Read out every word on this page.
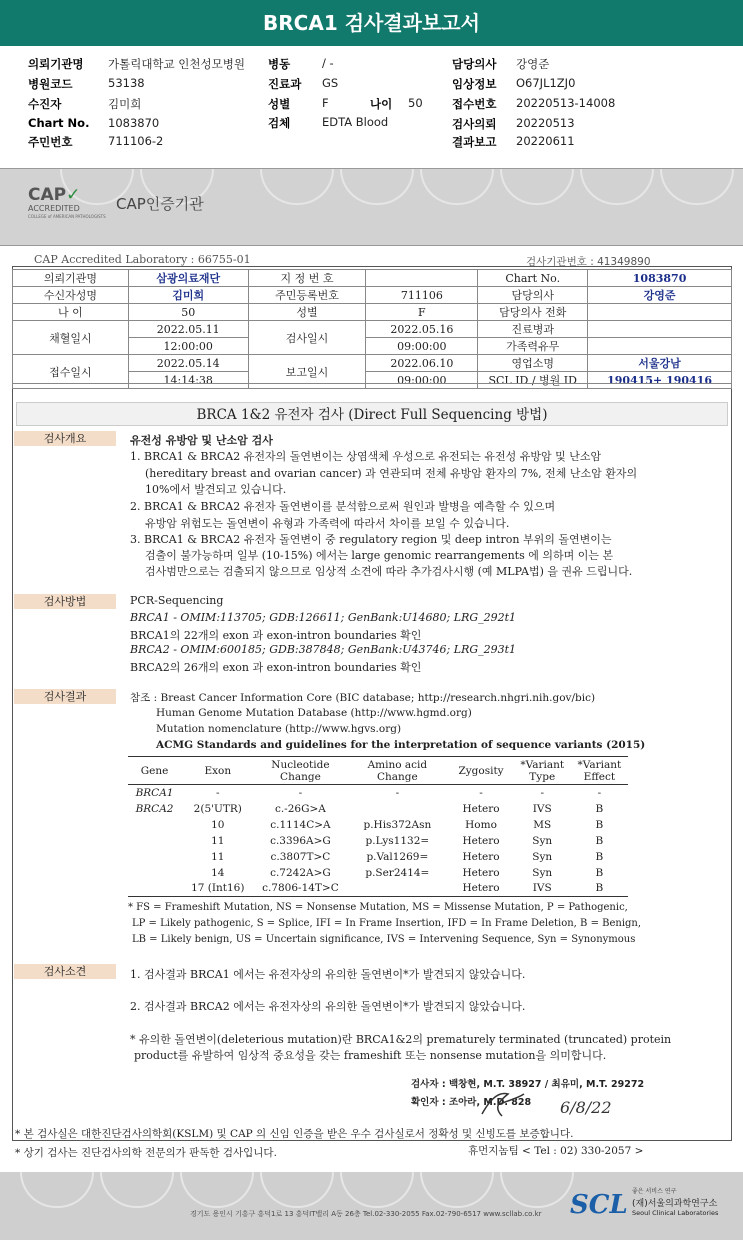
BRCA1 검사결과보고서
의뢰기관명 가톨릭대학교 인천성모병원
병원코드	53138
수진자	김미희
Chart No. 1083870
주민번호	711106-2
병동	/ -
진료과 GS
성별	F	나이 50
검체	EDTA Blood
담당의사 강영준
임상정보 O67JL1ZJ0
접수번호 20220513-14008
검사의뢰 20220513
결과보고 20220611
CAP✓
ACCREDITED
COLLEGE of AMERICAN PATHOLOGISTS
CAP인증기관
CAP Accredited Laboratory : 66755-01	검사기관번호 : 41349890
의뢰기관명	삼광의료재단	지 정 번 호		Chart No.	1083870
수신자성명	김미희	주민등록번호	711106	담당의사	강영준
나 이	50	성별	F	담당의사 전화	
채혈일시	2022.05.11	검사일시	2022.05.16	진료병과	
	12:00:00		09:00:00	가족력유무	
접수일시	2022.05.14	보고일시	2022.06.10	영업소명	서울강남
	14:14:38		09:00:00	SCL ID / 병원 ID	190415+ 190416
BRCA 1&2 유전자 검사 (Direct Full Sequencing 방법)
검사개요	유전성 유방암 및 난소암 검사
1. BRCA1 & BRCA2 유전자의 돌연변이는 상염색체 우성으로 유전되는 유전성 유방암 및 난소암
(hereditary breast and ovarian cancer) 과 연관되며 전체 유방암 환자의 7%, 전체 난소암 환자의
10%에서 발견되고 있습니다.
2. BRCA1 & BRCA2 유전자 돌연변이를 분석함으로써 원인과 발병을 예측할 수 있으며
유방암 위험도는 돌연변이 유형과 가족력에 따라서 차이를 보일 수 있습니다.
3. BRCA1 & BRCA2 유전자 돌연변이 중 regulatory region 및 deep intron 부위의 돌연변이는
검출이 불가능하며 일부 (10-15%) 에서는 large genomic rearrangements 에 의하며 이는 본
검사범만으로는 검출되지 않으므로 임상적 소견에 따라 추가검사시행 (예 MLPA법) 을 권유 드립니다.
검사방법	PCR-Sequencing
BRCA1 - OMIM:113705; GDB:126611; GenBank:U14680; LRG_292t1
BRCA1의 22개의 exon 과 exon-intron boundaries 확인
BRCA2 - OMIM:600185; GDB:387848; GenBank:U43746; LRG_293t1
BRCA2의 26개의 exon 과 exon-intron boundaries 확인
검사결과	참조 : Breast Cancer Information Core (BIC database; http://research.nhgri.nih.gov/bic)
Human Genome Mutation Database (http://www.hgmd.org)
Mutation nomenclature (http://www.hgvs.org)
ACMG Standards and guidelines for the interpretation of sequence variants (2015)
Gene	Exon	Nucleotide Change	Amino acid Change	Zygosity	*Variant Type	*Variant Effect
BRCA1	-	-	-	-	-	-
BRCA2	2(5'UTR)	c.-26G>A		Hetero	IVS	B
	10	c.1114C>A	p.His372Asn	Homo	MS	B
	11	c.3396A>G	p.Lys1132=	Hetero	Syn	B
	11	c.3807T>C	p.Val1269=	Hetero	Syn	B
	14	c.7242A>G	p.Ser2414=	Hetero	Syn	B
	17 (Int16)	c.7806-14T>C		Hetero	IVS	B
* FS = Frameshift Mutation, NS = Nonsense Mutation, MS = Missense Mutation, P = Pathogenic,
LP = Likely pathogenic, S = Splice, IFI = In Frame Insertion, IFD = In Frame Deletion, B = Benign,
LB = Likely benign, US = Uncertain significance, IVS = Intervening Sequence, Syn = Synonymous
검사소견	1. 검사결과 BRCA1 에서는 유전자상의 유의한 돌연변이*가 발견되지 않았습니다.
2. 검사결과 BRCA2 에서는 유전자상의 유의한 돌연변이*가 발견되지 않았습니다.
* 유의한 돌연변이(deleterious mutation)란 BRCA1&2의 prematurely terminated (truncated) protein
product를 유발하여 임상적 중요성을 갖는 frameshift 또는 nonsense mutation을 의미합니다.
검사자 : 백창현, M.T. 38927 / 최유미, M.T. 29272
확인자 : 조아라, M.D. 828 6/8/22
* 본 검사실은 대한진단검사의학회(KSLM) 및 CAP 의 신임 인증을 받은 우수 검사실로서 정확성 및 신빙도를 보증합니다.
* 상기 검사는 진단검사의학 전문의가 판독한 검사입니다.	휴먼지놈팀 < Tel : 02) 330-2057 >
경기도 용인시 기흥구 흥덕1로 13 흥덕IT밸리 A동 26층 Tel.02-330-2055 Fax.02-790-6517 www.scllab.co.kr SCL 좋은 서비스 연구
(재)서울의과학연구소
Seoul Clinical Laboratories
